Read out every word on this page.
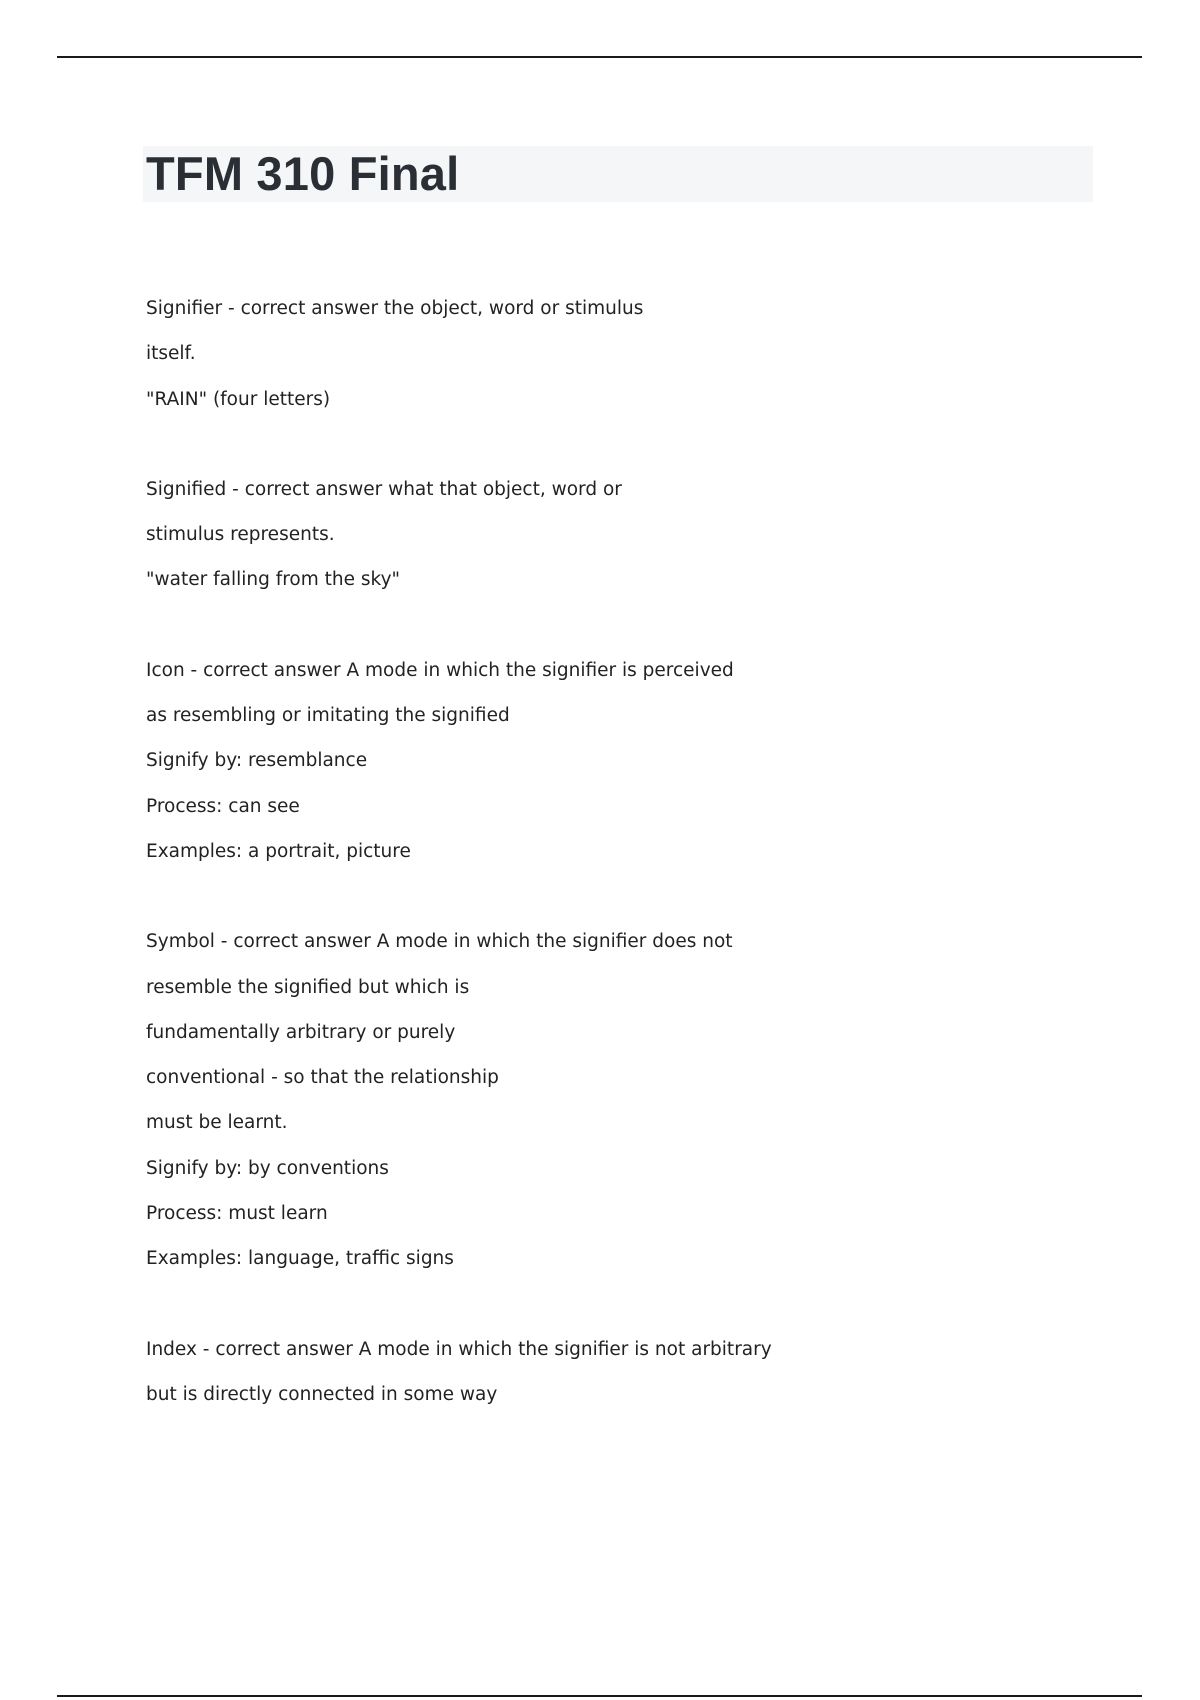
TFM 310 Final
Signifier - correct answer the object, word or stimulus
itself.
"RAIN" (four letters)
Signified - correct answer what that object, word or
stimulus represents.
"water falling from the sky"
Icon - correct answer A mode in which the signifier is perceived
as resembling or imitating the signified
Signify by: resemblance
Process: can see
Examples: a portrait, picture
Symbol - correct answer A mode in which the signifier does not
resemble the signified but which is
fundamentally arbitrary or purely
conventional - so that the relationship
must be learnt.
Signify by: by conventions
Process: must learn
Examples: language, traffic signs
Index - correct answer A mode in which the signifier is not arbitrary
but is directly connected in some way
